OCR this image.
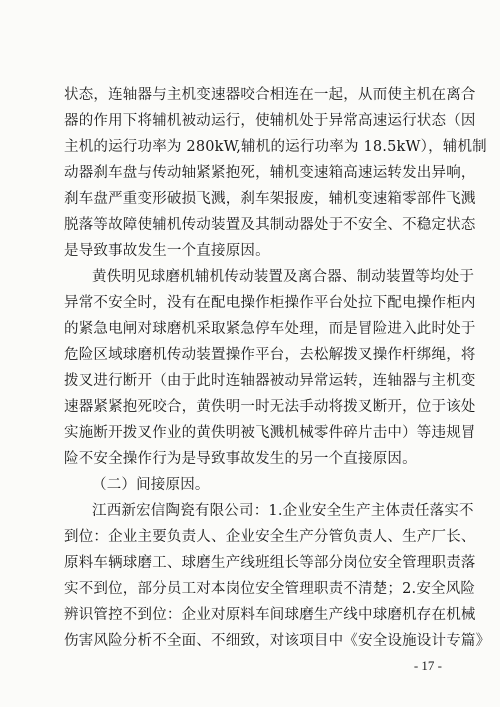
状态，连轴器与主机变速器咬合相连在一起，从而使主机在离合
器的作用下将辅机被动运行，使辅机处于异常高速运行状态（因
主机的运行功率为 280kW,辅机的运行功率为 18.5kW），辅机制
动器刹车盘与传动轴紧紧抱死，辅机变速箱高速运转发出异响，
刹车盘严重变形破损飞溅，刹车架报废，辅机变速箱零部件飞溅
脱落等故障使辅机传动装置及其制动器处于不安全、不稳定状态
是导致事故发生一个直接原因。
黄佚明见球磨机辅机传动装置及离合器、制动装置等均处于
异常不安全时，没有在配电操作柜操作平台处拉下配电操作柜内
的紧急电闸对球磨机采取紧急停车处理，而是冒险进入此时处于
危险区域球磨机传动装置操作平台，去松解拨叉操作杆绑绳，将
拨叉进行断开（由于此时连轴器被动异常运转，连轴器与主机变
速器紧紧抱死咬合，黄佚明一时无法手动将拨叉断开，位于该处
实施断开拨叉作业的黄佚明被飞溅机械零件碎片击中）等违规冒
险不安全操作行为是导致事故发生的另一个直接原因。
（二）间接原因。
江西新宏信陶瓷有限公司：1.企业安全生产主体责任落实不
到位：企业主要负责人、企业安全生产分管负责人、生产厂长、
原料车辆球磨工、球磨生产线班组长等部分岗位安全管理职责落
实不到位，部分员工对本岗位安全管理职责不清楚；2.安全风险
辨识管控不到位：企业对原料车间球磨生产线中球磨机存在机械
伤害风险分析不全面、不细致，对该项目中《安全设施设计专篇》
- 17 -
